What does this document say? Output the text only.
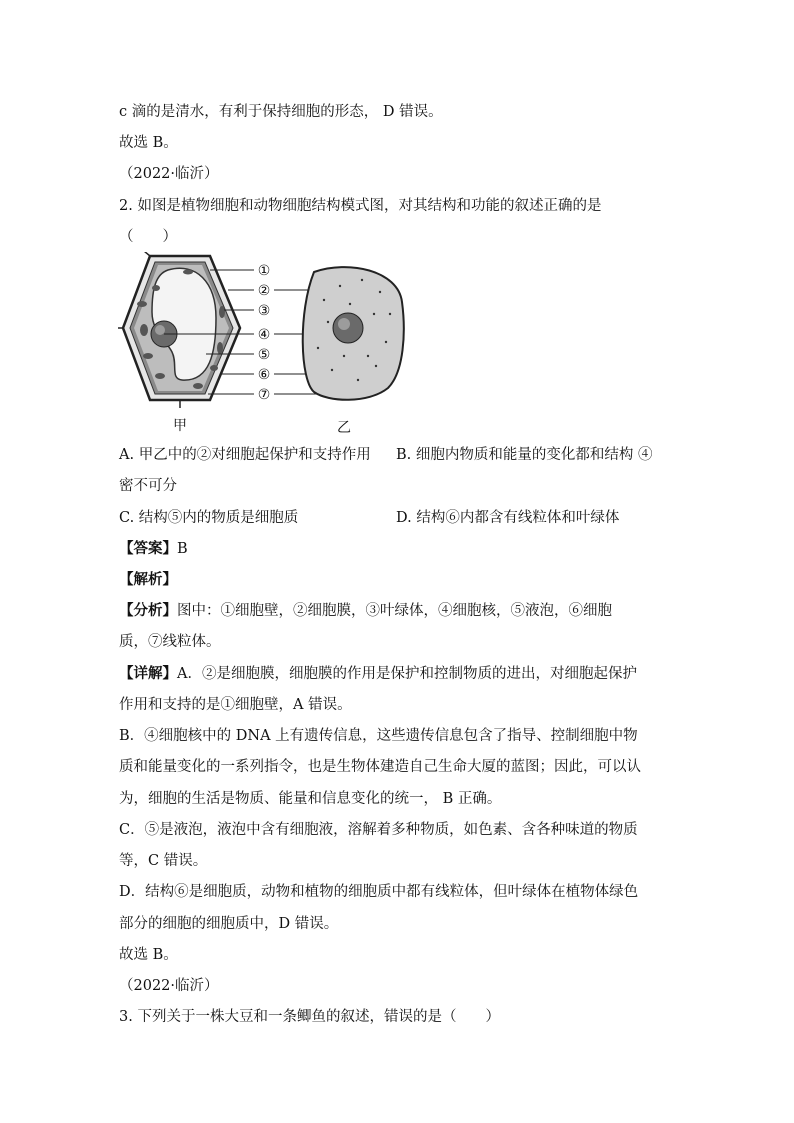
c 滴的是清水，有利于保持细胞的形态， D 错误。
故选 B。
（2022·临沂）
2. 如图是植物细胞和动物细胞结构模式图，对其结构和功能的叙述正确的是
（　　）
①
②
③
④
⑤
⑥
⑦
甲	乙
A. 甲乙中的②对细胞起保护和支持作用 B. 细胞内物质和能量的变化都和结构 ④
密不可分
C. 结构⑤内的物质是细胞质	D. 结构⑥内都含有线粒体和叶绿体
【答案】B
【解析】
【分析】图中：①细胞壁，②细胞膜，③叶绿体，④细胞核，⑤液泡，⑥细胞
质，⑦线粒体。
【详解】A．②是细胞膜，细胞膜的作用是保护和控制物质的进出，对细胞起保护
作用和支持的是①细胞壁，A 错误。
B．④细胞核中的 DNA 上有遗传信息，这些遗传信息包含了指导、控制细胞中物
质和能量变化的一系列指令，也是生物体建造自己生命大厦的蓝图；因此，可以认
为，细胞的生活是物质、能量和信息变化的统一， B 正确。
C．⑤是液泡，液泡中含有细胞液，溶解着多种物质，如色素、含各种味道的物质
等，C 错误。
D．结构⑥是细胞质，动物和植物的细胞质中都有线粒体，但叶绿体在植物体绿色
部分的细胞的细胞质中，D 错误。
故选 B。
（2022·临沂）
3. 下列关于一株大豆和一条鲫鱼的叙述，错误的是（　　）
